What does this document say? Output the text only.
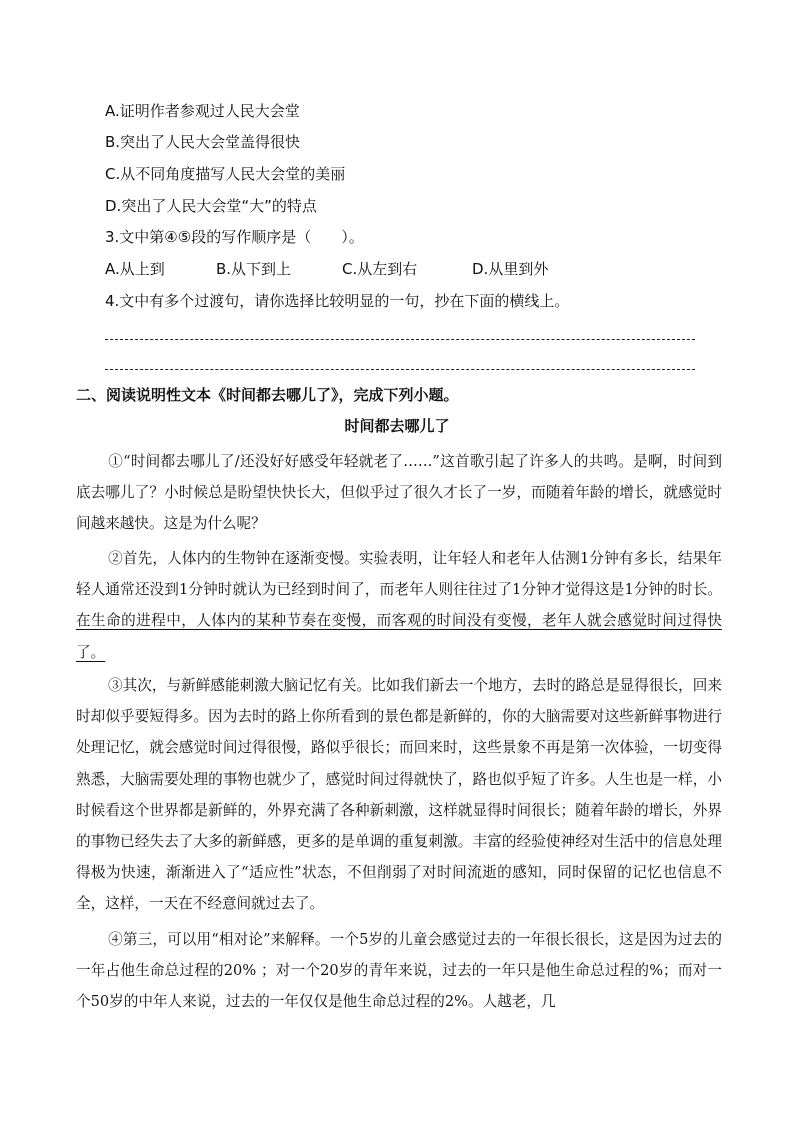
A.证明作者参观过人民大会堂
B.突出了人民大会堂盖得很快
C.从不同角度描写人民大会堂的美丽
D.突出了人民大会堂“大”的特点
3.文中第④⑤段的写作顺序是（　　）。
A.从上到	B.从下到上	C.从左到右	D.从里到外
4.文中有多个过渡句，请你选择比较明显的一句，抄在下面的横线上。
二、阅读说明性文本《时间都去哪儿了》，完成下列小题。
时间都去哪儿了
①“时间都去哪儿了/还没好好感受年轻就老了……”这首歌引起了许多人的共鸣。是啊，时间到底去哪儿了？小时候总是盼望快快长大，但似乎过了很久才长了一岁，而随着年龄的增长，就感觉时间越来越快。这是为什么呢？
②首先，人体内的生物钟在逐渐变慢。实验表明，让年轻人和老年人估测1分钟有多长，结果年轻人通常还没到1分钟时就认为已经到时间了，而老年人则往往过了1分钟才觉得这是1分钟的时长。在生命的进程中，人体内的某种节奏在变慢，而客观的时间没有变慢，老年人就会感觉时间过得快了。
③其次，与新鲜感能刺激大脑记忆有关。比如我们新去一个地方，去时的路总是显得很长，回来时却似乎要短得多。因为去时的路上你所看到的景色都是新鲜的，你的大脑需要对这些新鲜事物进行处理记忆，就会感觉时间过得很慢，路似乎很长；而回来时，这些景象不再是第一次体验，一切变得熟悉，大脑需要处理的事物也就少了，感觉时间过得就快了，路也似乎短了许多。人生也是一样，小时候看这个世界都是新鲜的，外界充满了各种新刺激，这样就显得时间很长；随着年龄的增长，外界的事物已经失去了大多的新鲜感，更多的是单调的重复刺激。丰富的经验使神经对生活中的信息处理得极为快速，渐渐进入了“适应性”状态，不但削弱了对时间流逝的感知，同时保留的记忆也信息不全，这样，一天在不经意间就过去了。
④第三，可以用“相对论”来解释。一个5岁的儿童会感觉过去的一年很长很长，这是因为过去的一年占他生命总过程的20% ；对一个20岁的青年来说，过去的一年只是他生命总过程的%；而对一个50岁的中年人来说，过去的一年仅仅是他生命总过程的2%。人越老，几
